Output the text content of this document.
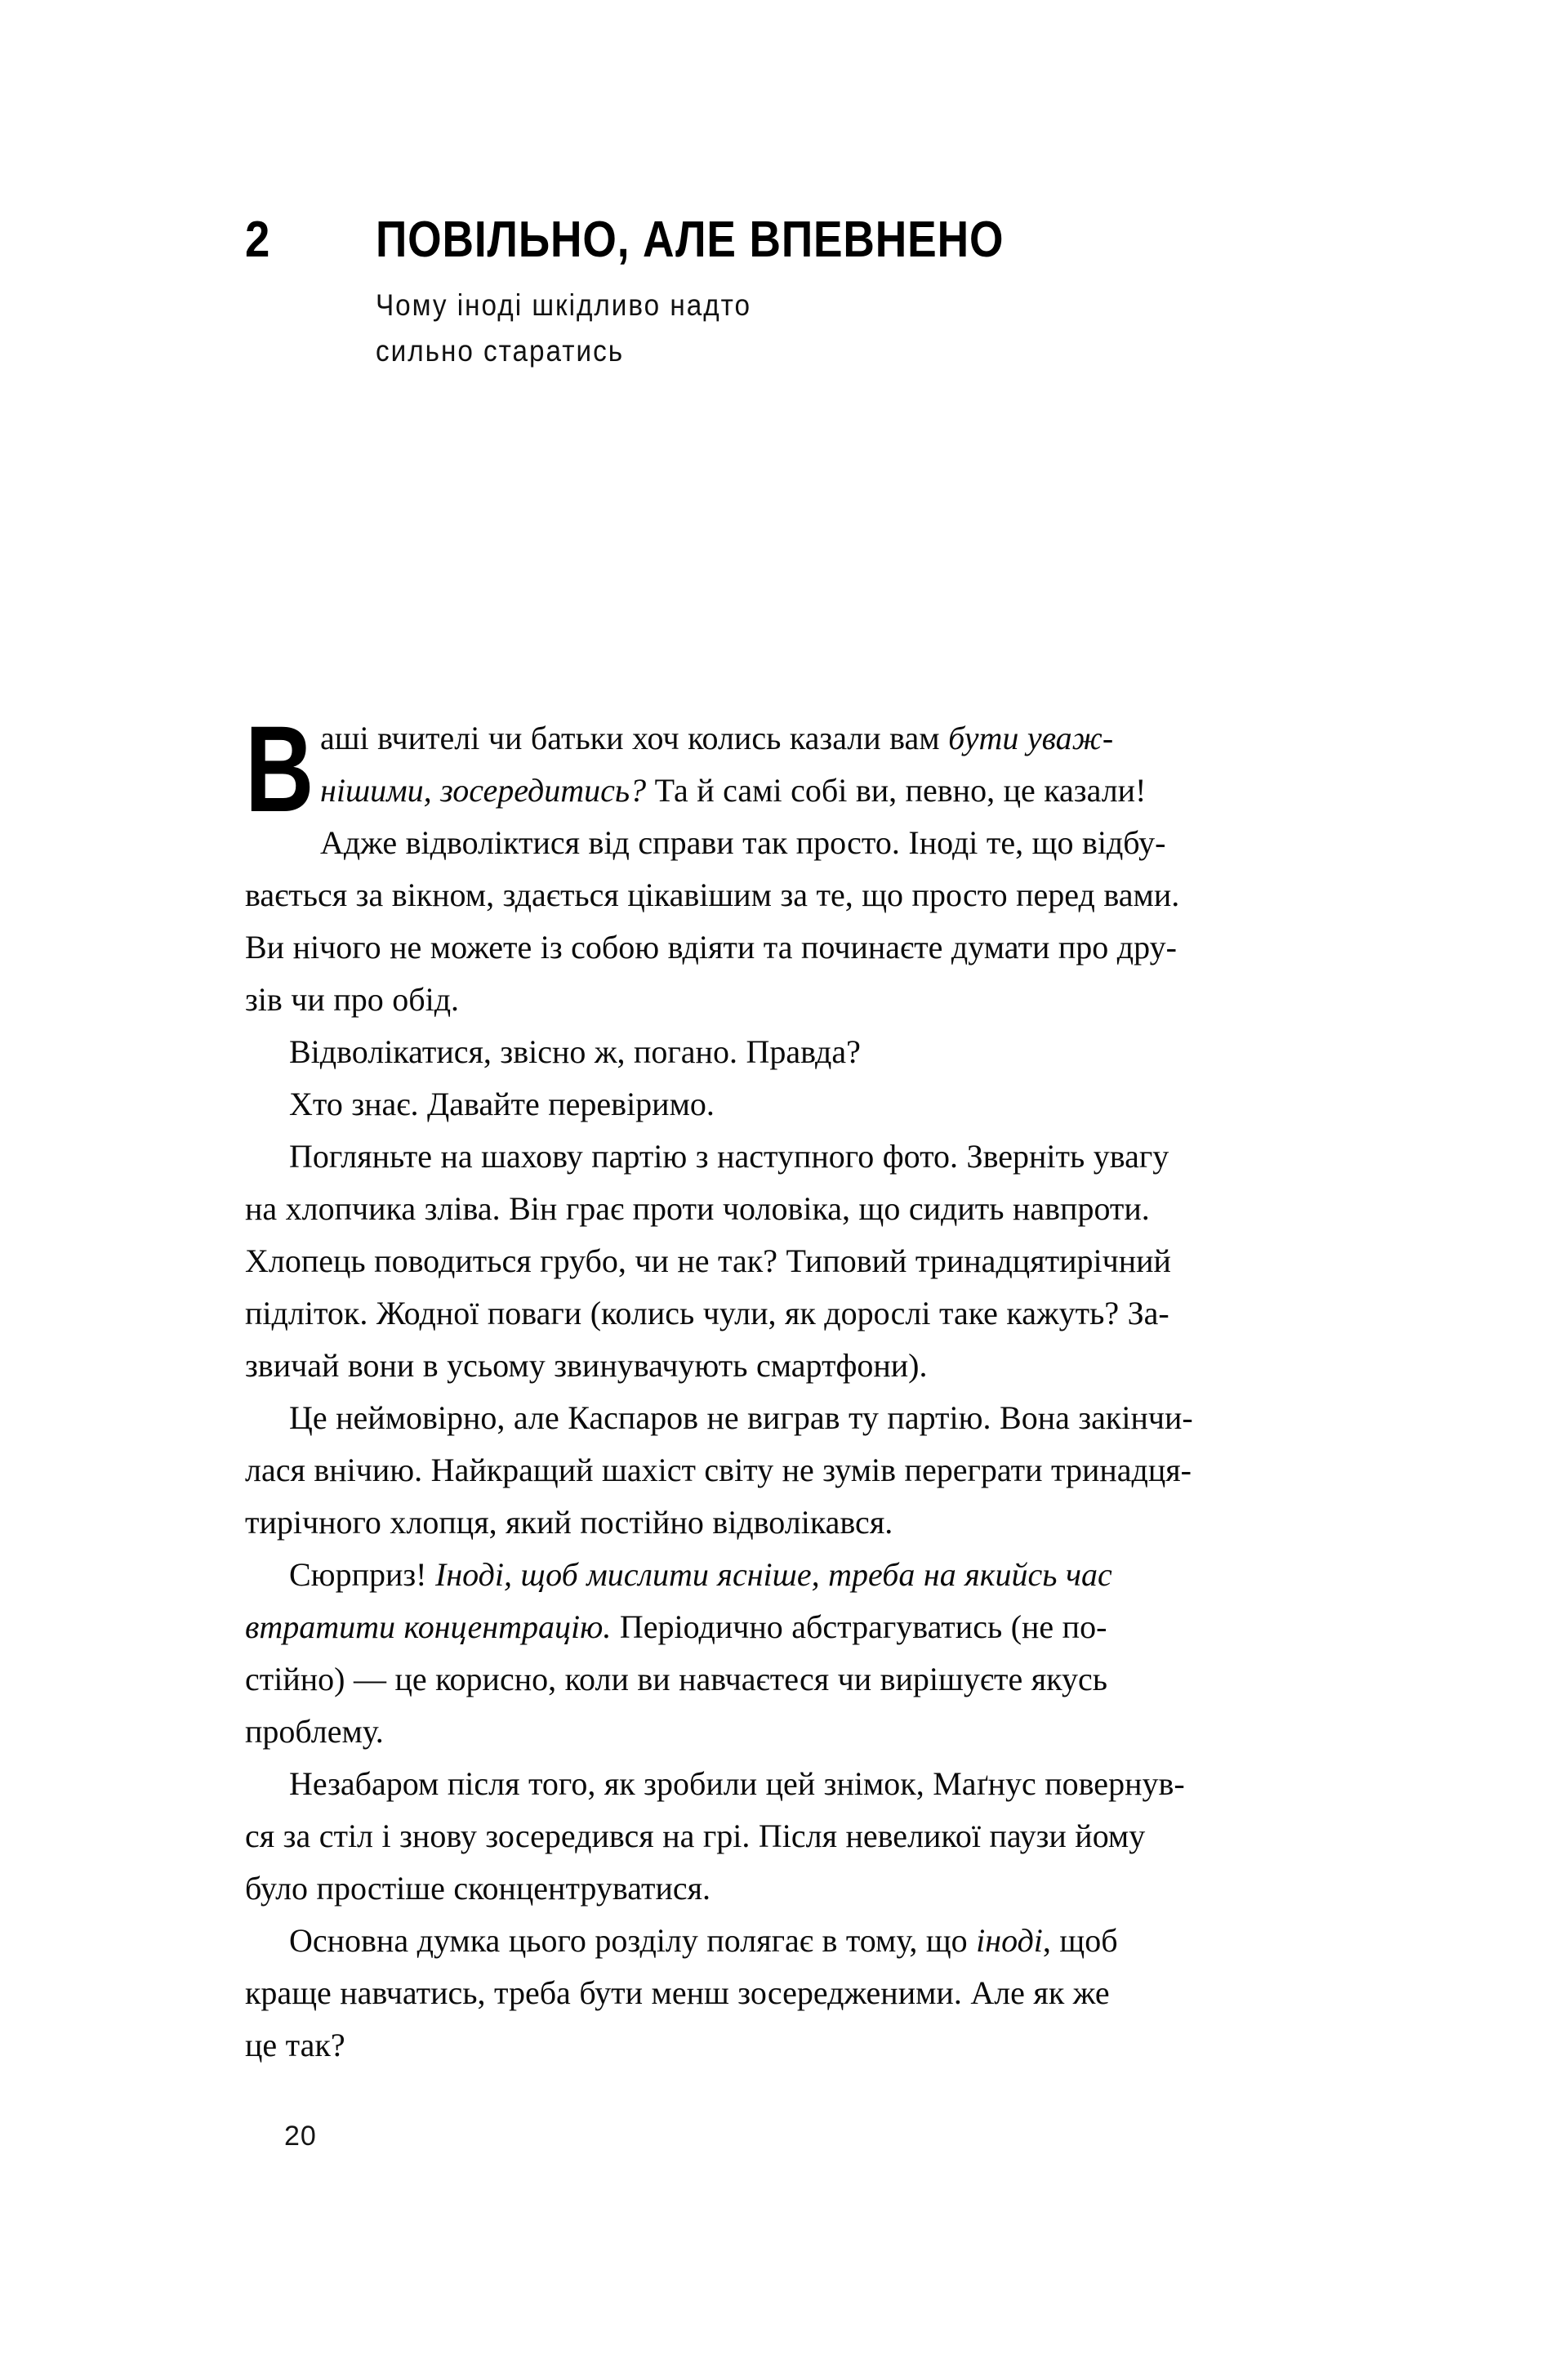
2	ПОВІЛЬНО, АЛЕ ВПЕВНЕНО
Чому іноді шкідливо надто
сильно старатись

В аші вчителі чи батьки хоч колись казали вам бути уваж-
нішими, зосередитись? Та й самі собі ви, певно, це казали!
Адже відволіктися від справи так просто. Іноді те, що відбу-
вається за вікном, здається цікавішим за те, що просто перед вами.
Ви нічого не можете із собою вдіяти та починаєте думати про дру-
зів чи про обід.

Відволікатися, звісно ж, погано. Правда?

Хто знає. Давайте перевіримо.

Погляньте на шахову партію з наступного фото. Зверніть увагу
на хлопчика зліва. Він грає проти чоловіка, що сидить навпроти.
Хлопець поводиться грубо, чи не так? Типовий тринадцятирічний
підліток. Жодної поваги (колись чули, як дорослі таке кажуть? За-
звичай вони в усьому звинувачують смартфони).

Це неймовірно, але Каспаров не виграв ту партію. Вона закінчи-
лася внічию. Найкращий шахіст світу не зумів переграти тринадця-
тирічного хлопця, який постійно відволікався.

Сюрприз! Іноді, щоб мислити ясніше, треба на якийсь час
втратити концентрацію. Періодично абстрагуватись (не по-
стійно) — це корисно, коли ви навчаєтеся чи вирішуєте якусь
проблему.

Незабаром після того, як зробили цей знімок, Маґнус повернув-
ся за стіл і знову зосередився на грі. Після невеликої паузи йому
було простіше сконцентруватися.

Основна думка цього розділу полягає в тому, що іноді, щоб
краще навчатись, треба бути менш зосередженими. Але як же
це так?

20
